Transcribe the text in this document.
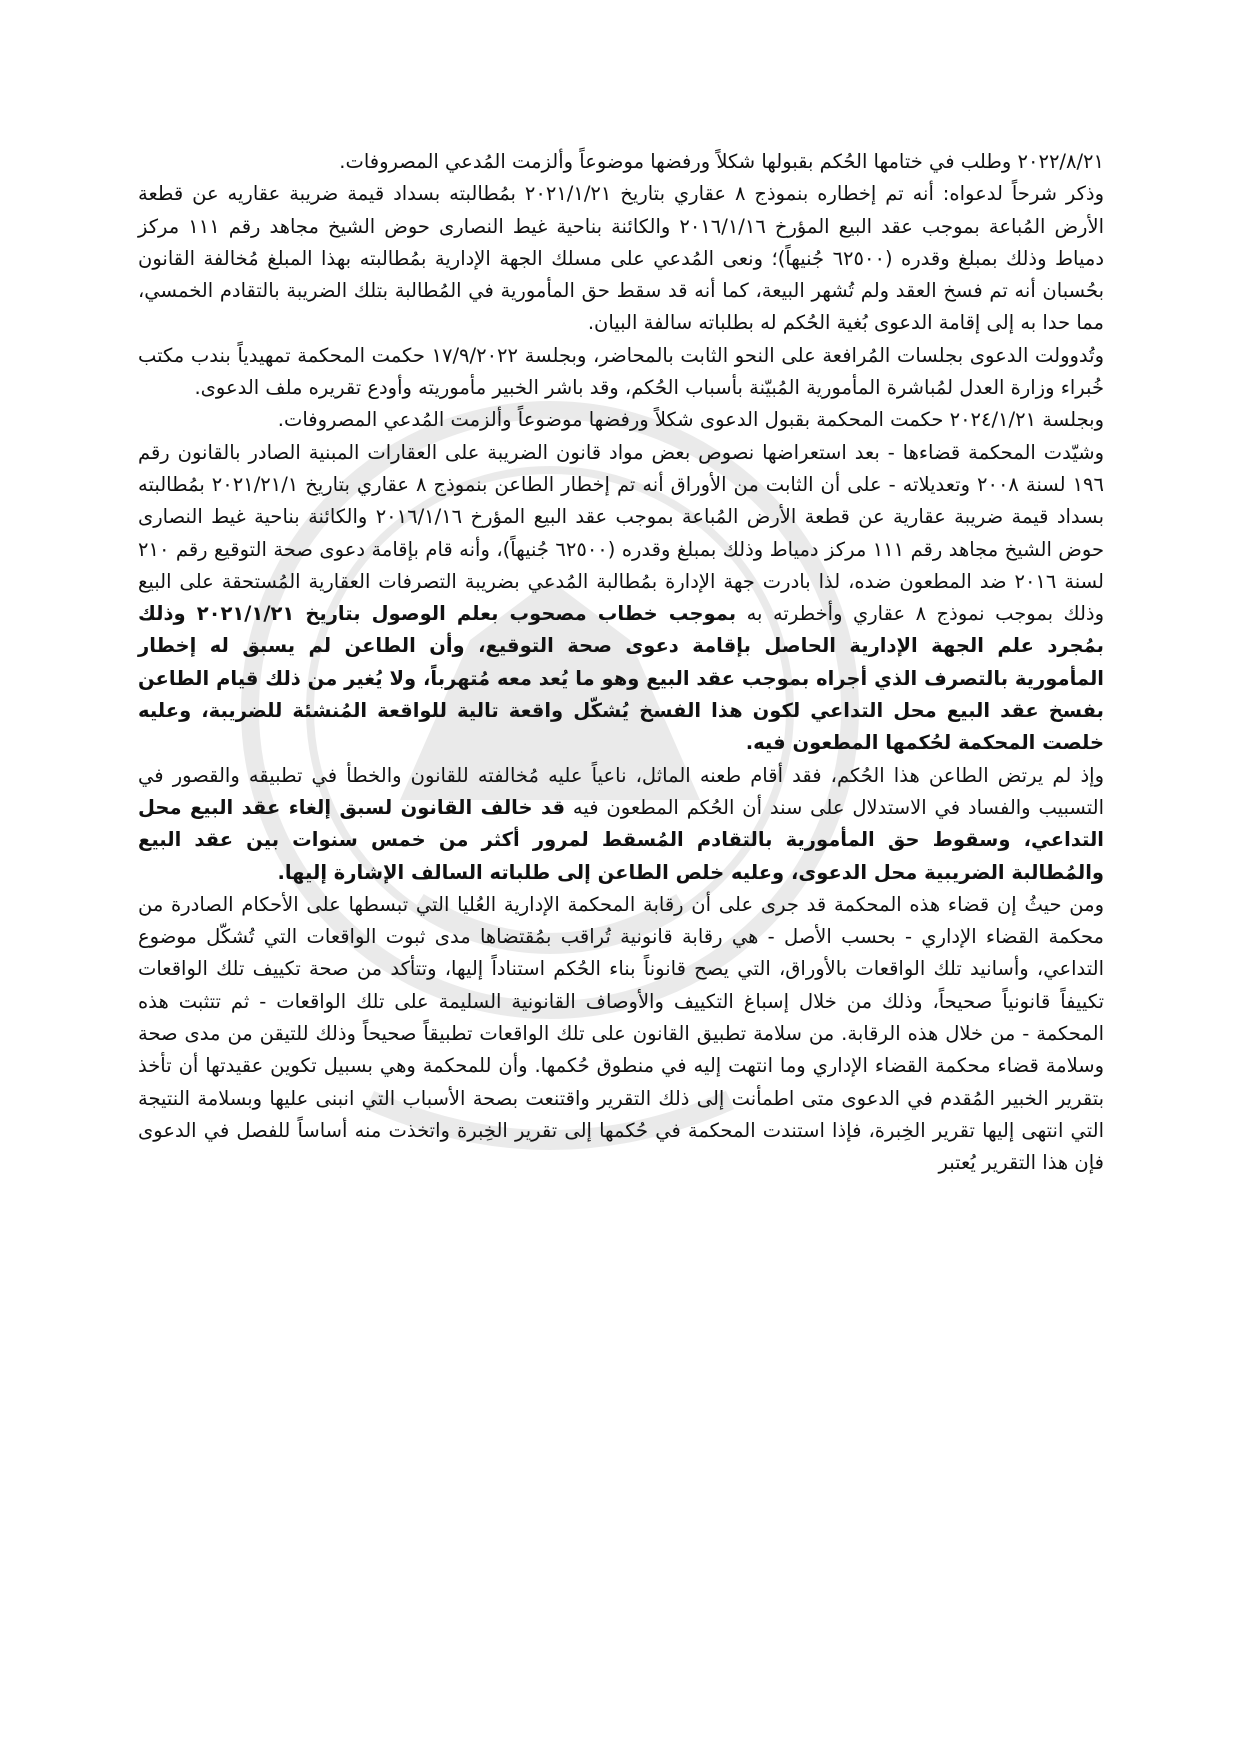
٢٠٢٢/٨/٢١ وطلب في ختامها الحُكم بقبولها شكلاً ورفضها موضوعاً وألزمت المُدعي المصروفات.

وذكر شرحاً لدعواه: أنه تم إخطاره بنموذج ٨ عقاري بتاريخ ٢٠٢١/١/٢١ بمُطالبته بسداد قيمة ضريبة عقاريه عن قطعة الأرض المُباعة بموجب عقد البيع المؤرخ ٢٠١٦/١/١٦ والكائنة بناحية غيط النصارى حوض الشيخ مجاهد رقم ١١١ مركز دمياط وذلك بمبلغ وقدره (٦٢٥٠٠ جُنيهاً)؛ ونعى المُدعي على مسلك الجهة الإدارية بمُطالبته بهذا المبلغ مُخالفة القانون بحُسبان أنه تم فسخ العقد ولم تُشهر البيعة، كما أنه قد سقط حق المأمورية في المُطالبة بتلك الضريبة بالتقادم الخمسي، مما حدا به إلى إقامة الدعوى بُغية الحُكم له بطلباته سالفة البيان.

وتُدوولت الدعوى بجلسات المُرافعة على النحو الثابت بالمحاضر، وبجلسة ١٧/٩/٢٠٢٢ حكمت المحكمة تمهيدياً بندب مكتب خُبراء وزارة العدل لمُباشرة المأمورية المُبيّنة بأسباب الحُكم، وقد باشر الخبير مأموريته وأودع تقريره ملف الدعوى.

وبجلسة ٢٠٢٤/١/٢١ حكمت المحكمة بقبول الدعوى شكلاً ورفضها موضوعاً وألزمت المُدعي المصروفات.

وشيّدت المحكمة قضاءها - بعد استعراضها نصوص بعض مواد قانون الضريبة على العقارات المبنية الصادر بالقانون رقم ١٩٦ لسنة ٢٠٠٨ وتعديلاته - على أن الثابت من الأوراق أنه تم إخطار الطاعن بنموذج ٨ عقاري بتاريخ ٢٠٢١/٢١/١ بمُطالبته بسداد قيمة ضريبة عقارية عن قطعة الأرض المُباعة بموجب عقد البيع المؤرخ ٢٠١٦/١/١٦ والكائنة بناحية غيط النصارى حوض الشيخ مجاهد رقم ١١١ مركز دمياط وذلك بمبلغ وقدره (٦٢٥٠٠ جُنيهاً)، وأنه قام بإقامة دعوى صحة التوقيع رقم ٢١٠ لسنة ٢٠١٦ ضد المطعون ضده، لذا بادرت جهة الإدارة بمُطالبة المُدعي بضريبة التصرفات العقارية المُستحقة على البيع وذلك بموجب نموذج ٨ عقاري وأخطرته به بموجب خطاب مصحوب بعلم الوصول بتاريخ ٢٠٢١/١/٢١ وذلك بمُجرد علم الجهة الإدارية الحاصل بإقامة دعوى صحة التوقيع، وأن الطاعن لم يسبق له إخطار المأمورية بالتصرف الذي أجراه بموجب عقد البيع وهو ما يُعد معه مُتهرباً، ولا يُغير من ذلك قيام الطاعن بفسخ عقد البيع محل التداعي لكون هذا الفسخ يُشكّل واقعة تالية للواقعة المُنشئة للضريبة، وعليه خلصت المحكمة لحُكمها المطعون فيه.

وإذ لم يرتض الطاعن هذا الحُكم، فقد أقام طعنه الماثل، ناعياً عليه مُخالفته للقانون والخطأ في تطبيقه والقصور في التسبيب والفساد في الاستدلال على سند أن الحُكم المطعون فيه قد خالف القانون لسبق إلغاء عقد البيع محل التداعي، وسقوط حق المأمورية بالتقادم المُسقط لمرور أكثر من خمس سنوات بين عقد البيع والمُطالبة الضريبية محل الدعوى، وعليه خلص الطاعن إلى طلباته السالف الإشارة إليها.

ومن حيثُ إن قضاء هذه المحكمة قد جرى على أن رقابة المحكمة الإدارية العُليا التي تبسطها على الأحكام الصادرة من محكمة القضاء الإداري - بحسب الأصل - هي رقابة قانونية تُراقب بمُقتضاها مدى ثبوت الواقعات التي تُشكّل موضوع التداعي، وأسانيد تلك الواقعات بالأوراق، التي يصح قانوناً بناء الحُكم استناداً إليها، وتتأكد من صحة تكييف تلك الواقعات تكييفاً قانونياً صحيحاً، وذلك من خلال إسباغ التكييف والأوصاف القانونية السليمة على تلك الواقعات - ثم تتثبت هذه المحكمة - من خلال هذه الرقابة. من سلامة تطبيق القانون على تلك الواقعات تطبيقاً صحيحاً وذلك للتيقن من مدى صحة وسلامة قضاء محكمة القضاء الإداري وما انتهت إليه في منطوق حُكمها. وأن للمحكمة وهي بسبيل تكوين عقيدتها أن تأخذ بتقرير الخبير المُقدم في الدعوى متى اطمأنت إلى ذلك التقرير واقتنعت بصحة الأسباب التي انبنى عليها وبسلامة النتيجة التي انتهى إليها تقرير الخِبرة، فإذا استندت المحكمة في حُكمها إلى تقرير الخِبرة واتخذت منه أساساً للفصل في الدعوى فإن هذا التقرير يُعتبر
